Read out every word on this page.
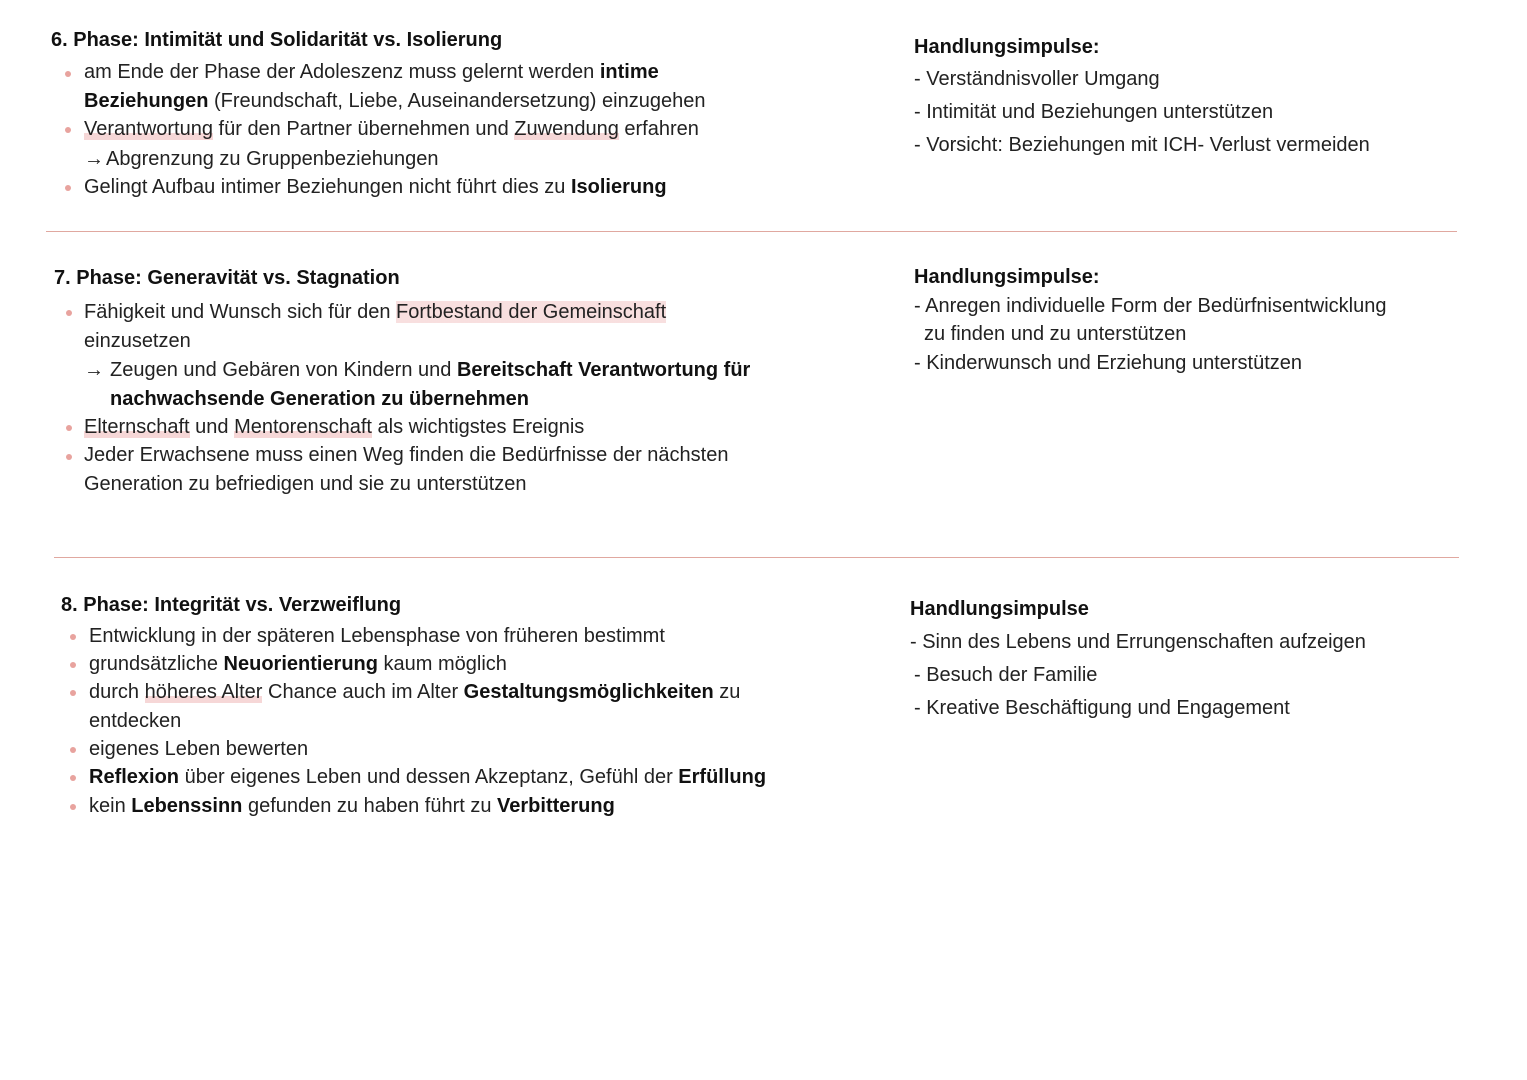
6. Phase: Intimität und Solidarität vs. Isolierung
am Ende der Phase der Adoleszenz muss gelernt werden intime
Beziehungen (Freundschaft, Liebe, Auseinandersetzung) einzugehen
Verantwortung für den Partner übernehmen und Zuwendung erfahren
→ Abgrenzung zu Gruppenbeziehungen
Gelingt Aufbau intimer Beziehungen nicht führt dies zu Isolierung
Handlungsimpulse:
- Verständnisvoller Umgang
- Intimität und Beziehungen unterstützen
- Vorsicht: Beziehungen mit ICH- Verlust vermeiden
7. Phase: Generavität vs. Stagnation
Fähigkeit und Wunsch sich für den Fortbestand der Gemeinschaft
einzusetzen
→ Zeugen und Gebären von Kindern und Bereitschaft Verantwortung für
nachwachsende Generation zu übernehmen
Elternschaft und Mentorenschaft als wichtigstes Ereignis
Jeder Erwachsene muss einen Weg finden die Bedürfnisse der nächsten
Generation zu befriedigen und sie zu unterstützen
Handlungsimpulse:
- Anregen individuelle Form der Bedürfnisentwicklung
zu finden und zu unterstützen
- Kinderwunsch und Erziehung unterstützen
8. Phase: Integrität vs. Verzweiflung
Entwicklung in der späteren Lebensphase von früheren bestimmt
grundsätzliche Neuorientierung kaum möglich
durch höheres Alter Chance auch im Alter Gestaltungsmöglichkeiten zu
entdecken
eigenes Leben bewerten
Reflexion über eigenes Leben und dessen Akzeptanz, Gefühl der Erfüllung
kein Lebenssinn gefunden zu haben führt zu Verbitterung
Handlungsimpulse
- Sinn des Lebens und Errungenschaften aufzeigen
- Besuch der Familie
- Kreative Beschäftigung und Engagement
